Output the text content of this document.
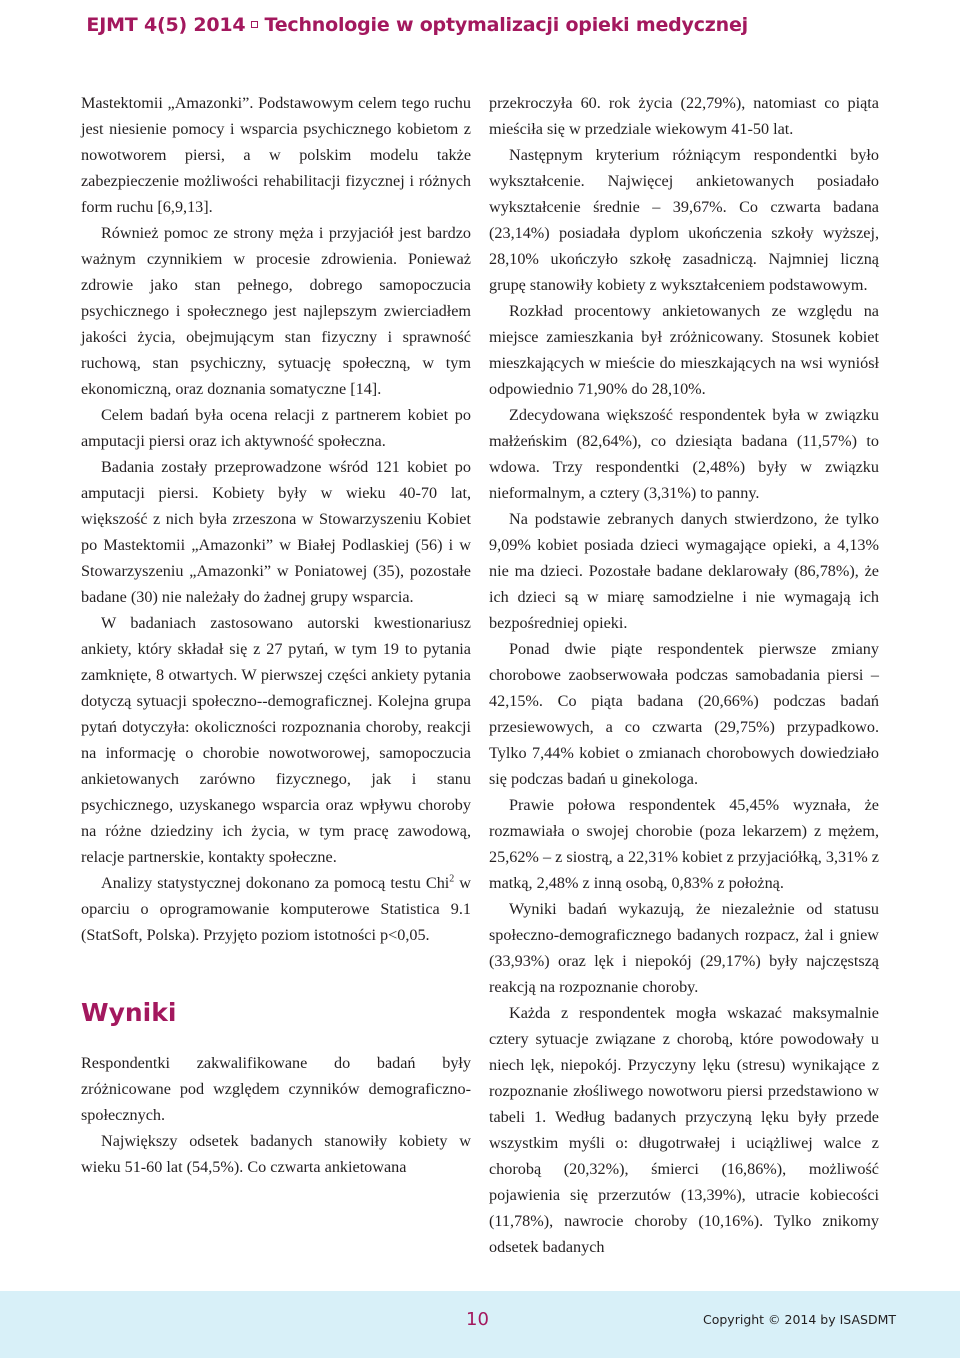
EJMT 4(5) 2014 Technologie w optymalizacji opieki medycznej

Mastektomii „Amazonki”. Podstawowym celem tego ruchu jest niesienie pomocy i wsparcia psychicznego kobietom z nowotworem piersi, a w polskim modelu także zabezpieczenie możliwości rehabilitacji fizycznej i różnych form ruchu [6,9,13].

Również pomoc ze strony męża i przyjaciół jest bardzo ważnym czynnikiem w procesie zdrowienia. Ponieważ zdrowie jako stan pełnego, dobrego samopoczucia psychicznego i społecznego jest najlepszym zwierciadłem jakości życia, obejmującym stan fizyczny i sprawność ruchową, stan psychiczny, sytuację społeczną, w tym ekonomiczną, oraz doznania somatyczne [14].

Celem badań była ocena relacji z partnerem kobiet po amputacji piersi oraz ich aktywność społeczna.

Badania zostały przeprowadzone wśród 121 kobiet po amputacji piersi. Kobiety były w wieku 40-70 lat, większość z nich była zrzeszona w Stowarzyszeniu Kobiet po Mastektomii „Amazonki” w Białej Podlaskiej (56) i w Stowarzyszeniu „Amazonki” w Poniatowej (35), pozostałe badane (30) nie należały do żadnej grupy wsparcia.

W badaniach zastosowano autorski kwestionariusz ankiety, który składał się z 27 pytań, w tym 19 to pytania zamknięte, 8 otwartych. W pierwszej części ankiety pytania dotyczą sytuacji społeczno--demograficznej. Kolejna grupa pytań dotyczyła: okoliczności rozpoznania choroby, reakcji na informację o chorobie nowotworowej, samopoczucia ankietowanych zarówno fizycznego, jak i stanu psychicznego, uzyskanego wsparcia oraz wpływu choroby na różne dziedziny ich życia, w tym pracę zawodową, relacje partnerskie, kontakty społeczne.

Analizy statystycznej dokonano za pomocą testu Chi$^2$ w oparciu o oprogramowanie komputerowe Statistica 9.1 (StatSoft, Polska). Przyjęto poziom istotności p<0,05.

Wyniki

Respondentki zakwalifikowane do badań były zróżnicowane pod względem czynników demograficzno-społecznych.

Największy odsetek badanych stanowiły kobiety w wieku 51-60 lat (54,5%). Co czwarta ankietowana

przekroczyła 60. rok życia (22,79%), natomiast co piąta mieściła się w przedziale wiekowym 41-50 lat.

Następnym kryterium różniącym respondentki było wykształcenie. Najwięcej ankietowanych posiadało wykształcenie średnie – 39,67%. Co czwarta badana (23,14%) posiadała dyplom ukończenia szkoły wyższej, 28,10% ukończyło szkołę zasadniczą. Najmniej liczną grupę stanowiły kobiety z wykształceniem podstawowym.

Rozkład procentowy ankietowanych ze względu na miejsce zamieszkania był zróżnicowany. Stosunek kobiet mieszkających w mieście do mieszkających na wsi wyniósł odpowiednio 71,90% do 28,10%.

Zdecydowana większość respondentek była w związku małżeńskim (82,64%), co dziesiąta badana (11,57%) to wdowa. Trzy respondentki (2,48%) były w związku nieformalnym, a cztery (3,31%) to panny.

Na podstawie zebranych danych stwierdzono, że tylko 9,09% kobiet posiada dzieci wymagające opieki, a 4,13% nie ma dzieci. Pozostałe badane deklarowały (86,78%), że ich dzieci są w miarę samodzielne i nie wymagają ich bezpośredniej opieki.

Ponad dwie piąte respondentek pierwsze zmiany chorobowe zaobserwowała podczas samobadania piersi – 42,15%. Co piąta badana (20,66%) podczas badań przesiewowych, a co czwarta (29,75%) przypadkowo. Tylko 7,44% kobiet o zmianach chorobowych dowiedziało się podczas badań u ginekologa.

Prawie połowa respondentek 45,45% wyznała, że rozmawiała o swojej chorobie (poza lekarzem) z mężem, 25,62% – z siostrą, a 22,31% kobiet z przyjaciółką, 3,31% z matką, 2,48% z inną osobą, 0,83% z położną.

Wyniki badań wykazują, że niezależnie od statusu społeczno-demograficznego badanych rozpacz, żal i gniew (33,93%) oraz lęk i niepokój (29,17%) były najczęstszą reakcją na rozpoznanie choroby.

Każda z respondentek mogła wskazać maksymalnie cztery sytuacje związane z chorobą, które powodowały u niech lęk, niepokój. Przyczyny lęku (stresu) wynikające z rozpoznanie złośliwego nowotworu piersi przedstawiono w tabeli 1. Według badanych przyczyną lęku były przede wszystkim myśli o: długotrwałej i uciążliwej walce z chorobą (20,32%), śmierci (16,86%), możliwość pojawienia się przerzutów (13,39%), utracie kobiecości (11,78%), nawrocie choroby (10,16%). Tylko znikomy odsetek badanych

10	Copyright © 2014 by ISASDMT
